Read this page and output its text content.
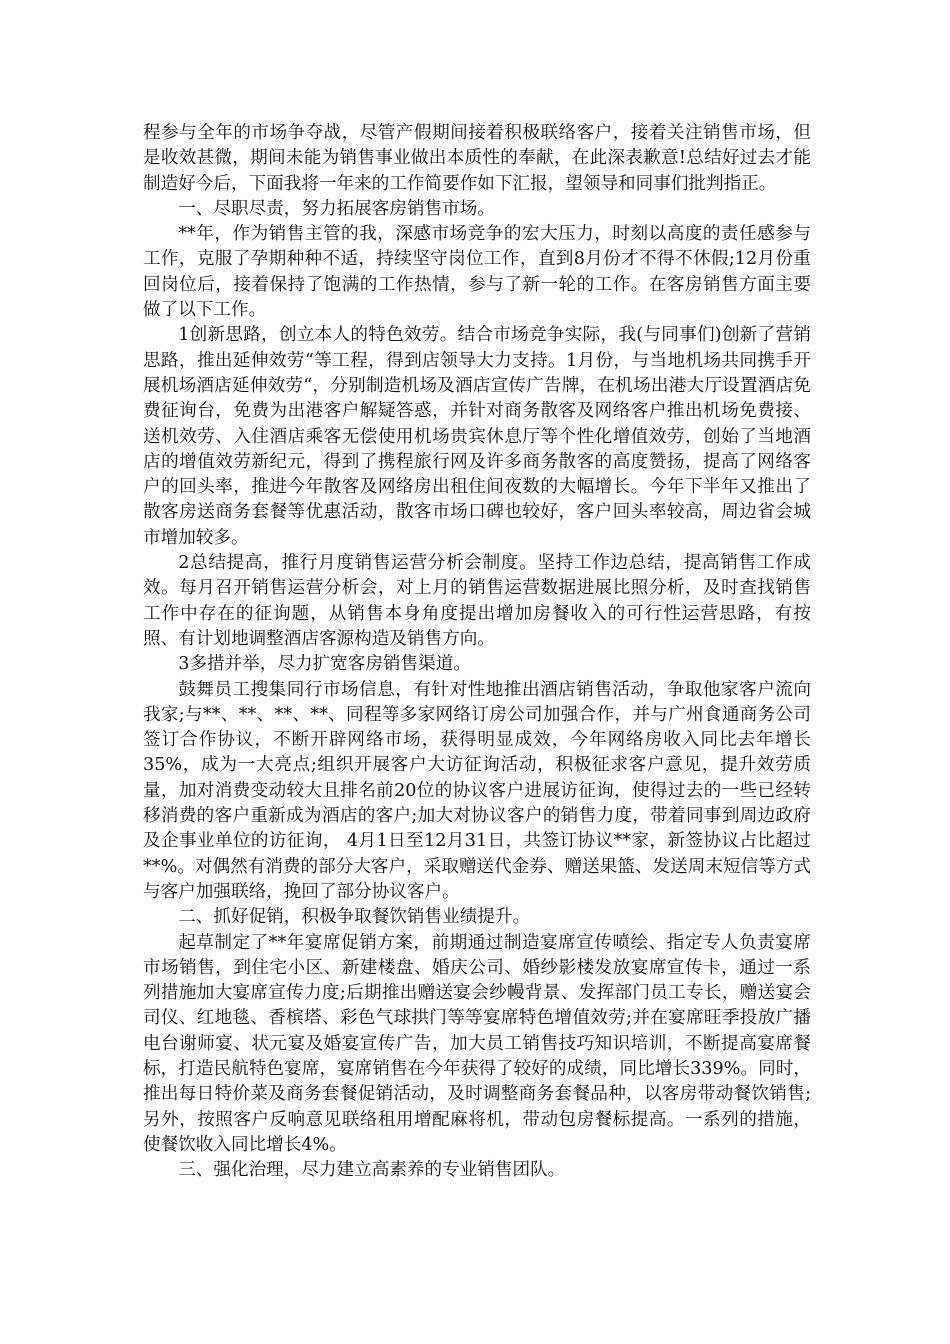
程参与全年的市场争夺战，尽管产假期间接着积极联络客户，接着关注销售市场，但是收效甚微，期间未能为销售事业做出本质性的奉献，在此深表歉意!总结好过去才能制造好今后，下面我将一年来的工作简要作如下汇报，望领导和同事们批判指正。

一、尽职尽责，努力拓展客房销售市场。

**年，作为销售主管的我，深感市场竞争的宏大压力，时刻以高度的责任感参与工作，克服了孕期种种不适，持续坚守岗位工作，直到8月份才不得不休假;12月份重回岗位后，接着保持了饱满的工作热情，参与了新一轮的工作。在客房销售方面主要做了以下工作。

1创新思路，创立本人的特色效劳。结合市场竞争实际，我(与同事们)创新了营销思路，推出延伸效劳“等工程，得到店领导大力支持。1月份，与当地机场共同携手开展机场酒店延伸效劳“，分别制造机场及酒店宣传广告牌，在机场出港大厅设置酒店免费征询台，免费为出港客户解疑答惑，并针对商务散客及网络客户推出机场免费接、送机效劳、入住酒店乘客无偿使用机场贵宾休息厅等个性化增值效劳，创始了当地酒店的增值效劳新纪元，得到了携程旅行网及许多商务散客的高度赞扬，提高了网络客户的回头率，推进今年散客及网络房出租住间夜数的大幅增长。今年下半年又推出了散客房送商务套餐等优惠活动，散客市场口碑也较好，客户回头率较高，周边省会城市增加较多。

2总结提高，推行月度销售运营分析会制度。坚持工作边总结，提高销售工作成效。每月召开销售运营分析会，对上月的销售运营数据进展比照分析，及时查找销售工作中存在的征询题，从销售本身角度提出增加房餐收入的可行性运营思路，有按照、有计划地调整酒店客源构造及销售方向。

3多措并举，尽力扩宽客房销售渠道。

鼓舞员工搜集同行市场信息，有针对性地推出酒店销售活动，争取他家客户流向我家;与**、**、**、**、同程等多家网络订房公司加强合作，并与广州食通商务公司签订合作协议，不断开辟网络市场，获得明显成效，今年网络房收入同比去年增长35%，成为一大亮点;组织开展客户大访征询活动，积极征求客户意见，提升效劳质量，加对消费变动较大且排名前20位的协议客户进展访征询，使得过去的一些已经转移消费的客户重新成为酒店的客户;加大对协议客户的销售力度，带着同事到周边政府及企事业单位的访征询， 4月1日至12月31日，共签订协议**家，新签协议占比超过**%。对偶然有消费的部分大客户，采取赠送代金券、赠送果篮、发送周末短信等方式与客户加强联络，挽回了部分协议客户。

二、抓好促销，积极争取餐饮销售业绩提升。

起草制定了**年宴席促销方案，前期通过制造宴席宣传喷绘、指定专人负责宴席市场销售，到住宅小区、新建楼盘、婚庆公司、婚纱影楼发放宴席宣传卡，通过一系列措施加大宴席宣传力度;后期推出赠送宴会纱幔背景、发挥部门员工专长，赠送宴会司仪、红地毯、香槟塔、彩色气球拱门等等宴席特色增值效劳;并在宴席旺季投放广播电台谢师宴、状元宴及婚宴宣传广告，加大员工销售技巧知识培训，不断提高宴席餐标，打造民航特色宴席，宴席销售在今年获得了较好的成绩，同比增长339%。同时，推出每日特价菜及商务套餐促销活动，及时调整商务套餐品种，以客房带动餐饮销售;另外，按照客户反响意见联络租用增配麻将机，带动包房餐标提高。一系列的措施，使餐饮收入同比增长4%。

三、强化治理，尽力建立高素养的专业销售团队。
